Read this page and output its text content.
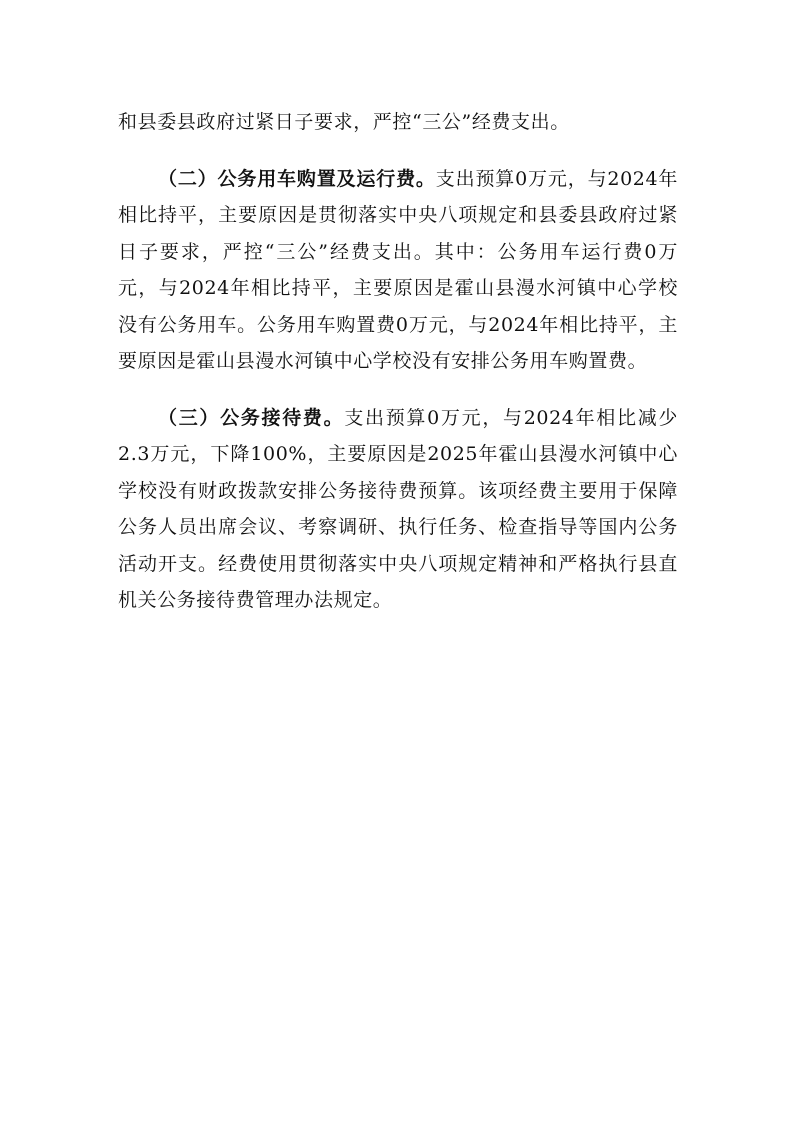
和县委县政府过紧日子要求，严控“三公”经费支出。

（二）公务用车购置及运行费。支出预算0万元，与2024年相比持平，主要原因是贯彻落实中央八项规定和县委县政府过紧日子要求，严控“三公”经费支出。其中：公务用车运行费0万元，与2024年相比持平，主要原因是霍山县漫水河镇中心学校没有公务用车。公务用车购置费0万元，与2024年相比持平，主要原因是霍山县漫水河镇中心学校没有安排公务用车购置费。

（三）公务接待费。支出预算0万元，与2024年相比减少2.3万元，下降100%，主要原因是2025年霍山县漫水河镇中心学校没有财政拨款安排公务接待费预算。该项经费主要用于保障公务人员出席会议、考察调研、执行任务、检查指导等国内公务活动开支。经费使用贯彻落实中央八项规定精神和严格执行县直机关公务接待费管理办法规定。
